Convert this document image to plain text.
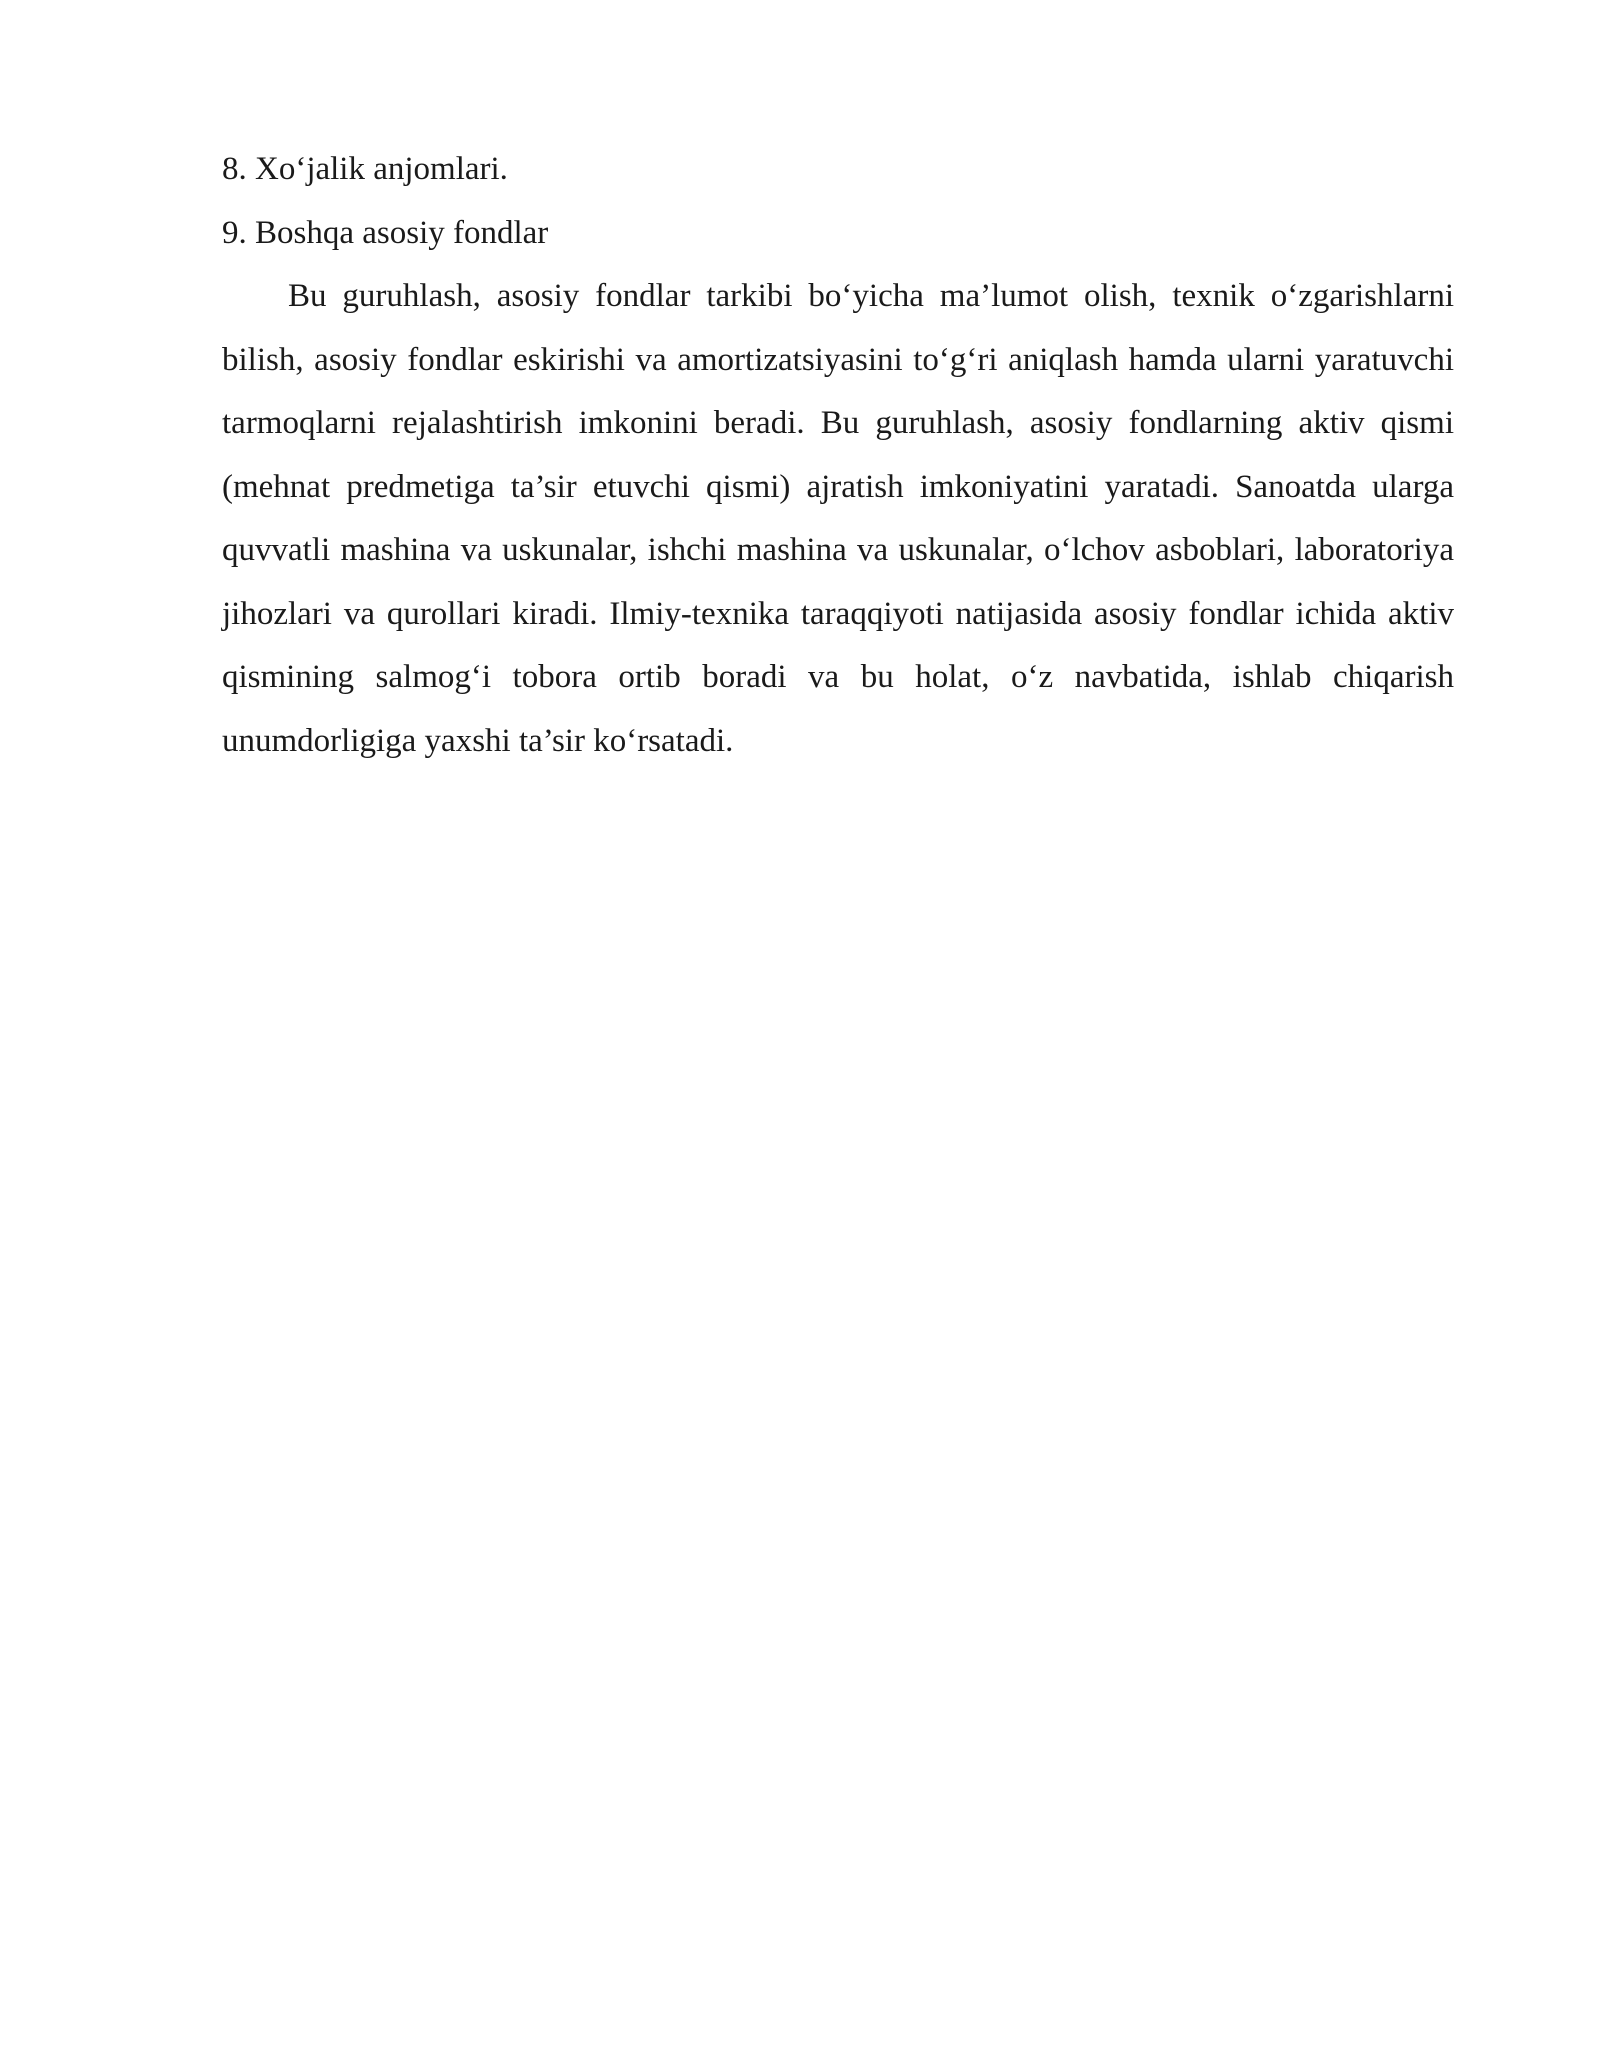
8. Xo‘jalik anjomlari.

9. Boshqa asosiy fondlar

Bu guruhlash, asosiy fondlar tarkibi bo‘yicha ma’lumot olish, texnik o‘zgarishlarni bilish, asosiy fondlar eskirishi va amortizatsiyasini to‘g‘ri aniqlash hamda ularni yaratuvchi tarmoqlarni rejalashtirish imkonini beradi. Bu guruhlash, asosiy fondlarning aktiv qismi (mehnat predmetiga ta’sir etuvchi qismi) ajratish imkoniyatini yaratadi. Sanoatda ularga quvvatli mashina va uskunalar, ishchi mashina va uskunalar, o‘lchov asboblari, laboratoriya jihozlari va qurollari kiradi. Ilmiy-texnika taraqqiyoti natijasida asosiy fondlar ichida aktiv qismining salmog‘i tobora ortib boradi va bu holat, o‘z navbatida, ishlab chiqarish unumdorligiga yaxshi ta’sir ko‘rsatadi.
